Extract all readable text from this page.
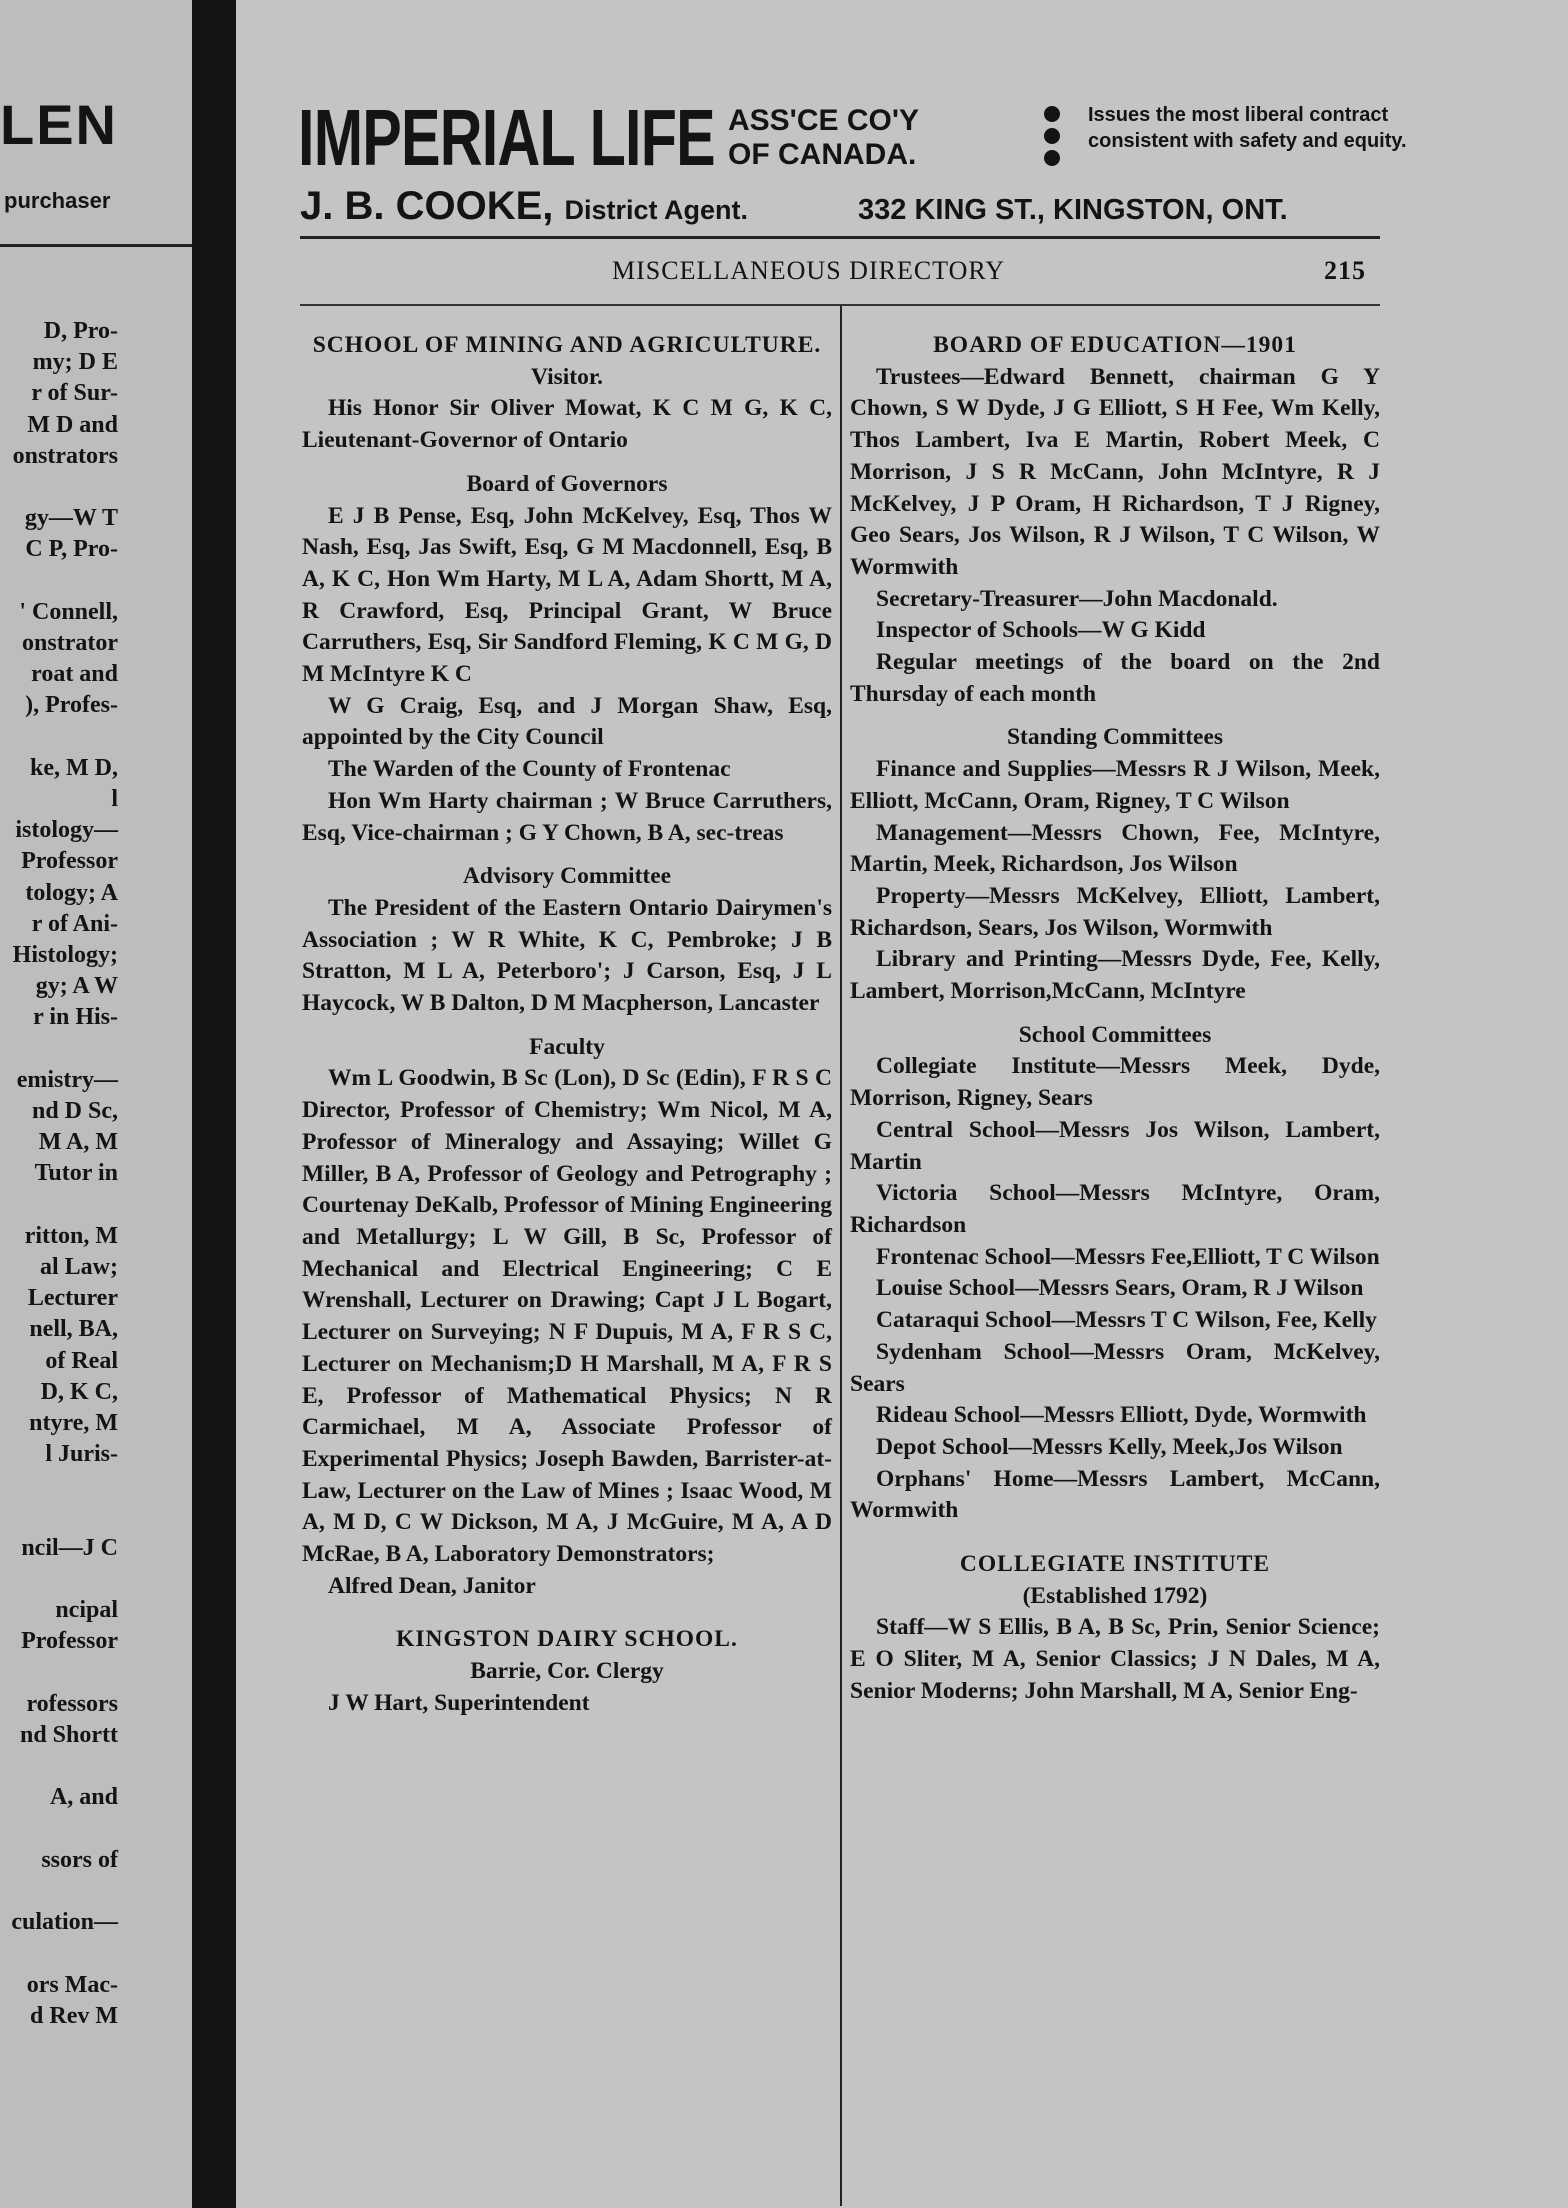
LEN
purchaser
D, Pro-
my; D E
r of Sur-
M D and
onstrators
gy—W T
C P, Pro-
' Connell,
onstrator
roat and
), Profes-
ke, M D,
l
istology—
Professor
tology; A
r of Ani-
Histology;
gy; A W
r in His-
emistry—
nd D Sc,
M A, M
Tutor in
ritton, M
al Law;
Lecturer
nell, BA,
of Real
D, K C,
ntyre, M
l Juris-
ncil—J C
ncipal
Professor
rofessors
nd Shortt
A, and
ssors of
culation—
ors Mac-
d Rev M
IMPERIAL LIFE ASS'CE CO'Y
OF CANADA.
Issues the most liberal contract consistent with safety and equity.
J. B. COOKE, District Agent.	332 KING ST., KINGSTON, ONT.
MISCELLANEOUS DIRECTORY	215

SCHOOL OF MINING AND AGRICULTURE.

Visitor.

His Honor Sir Oliver Mowat, K C M G, K C, Lieutenant-Governor of Ontario

Board of Governors

E J B Pense, Esq, John McKelvey, Esq, Thos W Nash, Esq, Jas Swift, Esq, G M Macdonnell, Esq, B A, K C, Hon Wm Harty, M L A, Adam Shortt, M A, R Crawford, Esq, Principal Grant, W Bruce Carruthers, Esq, Sir Sandford Fleming, K C M G, D M McIntyre K C

W G Craig, Esq, and J Morgan Shaw, Esq, appointed by the City Council

The Warden of the County of Frontenac

Hon Wm Harty chairman ; W Bruce Carruthers, Esq, Vice-chairman ; G Y Chown, B A, sec-treas

Advisory Committee

The President of the Eastern Ontario Dairymen's Association ; W R White, K C, Pembroke; J B Stratton, M L A, Peterboro'; J Carson, Esq, J L Haycock, W B Dalton, D M Macpherson, Lancaster

Faculty

Wm L Goodwin, B Sc (Lon), D Sc (Edin), F R S C Director, Professor of Chemistry; Wm Nicol, M A, Professor of Mineralogy and Assaying; Willet G Miller, B A, Professor of Geology and Petrography ; Courtenay DeKalb, Professor of Mining Engineering and Metallurgy; L W Gill, B Sc, Professor of Mechanical and Electrical Engineering; C E Wrenshall, Lecturer on Drawing; Capt J L Bogart, Lecturer on Surveying; N F Dupuis, M A, F R S C, Lecturer on Mechanism;D H Marshall, M A, F R S E, Professor of Mathematical Physics; N R Carmichael, M A, Associate Professor of Experimental Physics; Joseph Bawden, Barrister-at-Law, Lecturer on the Law of Mines ; Isaac Wood, M A, M D, C W Dickson, M A, J McGuire, M A, A D McRae, B A, Laboratory Demonstrators;

Alfred Dean, Janitor

KINGSTON DAIRY SCHOOL.

Barrie, Cor. Clergy

J W Hart, Superintendent

BOARD OF EDUCATION—1901

Trustees—Edward Bennett, chairman G Y Chown, S W Dyde, J G Elliott, S H Fee, Wm Kelly, Thos Lambert, Iva E Martin, Robert Meek, C Morrison, J S R McCann, John McIntyre, R J McKelvey, J P Oram, H Richardson, T J Rigney, Geo Sears, Jos Wilson, R J Wilson, T C Wilson, W Wormwith

Secretary-Treasurer—John Macdonald.

Inspector of Schools—W G Kidd

Regular meetings of the board on the 2nd Thursday of each month

Standing Committees

Finance and Supplies—Messrs R J Wilson, Meek, Elliott, McCann, Oram, Rigney, T C Wilson

Management—Messrs Chown, Fee, McIntyre, Martin, Meek, Richardson, Jos Wilson

Property—Messrs McKelvey, Elliott, Lambert, Richardson, Sears, Jos Wilson, Wormwith

Library and Printing—Messrs Dyde, Fee, Kelly, Lambert, Morrison,McCann, McIntyre

School Committees

Collegiate Institute—Messrs Meek, Dyde, Morrison, Rigney, Sears

Central School—Messrs Jos Wilson, Lambert, Martin

Victoria School—Messrs McIntyre, Oram, Richardson

Frontenac School—Messrs Fee,Elliott, T C Wilson

Louise School—Messrs Sears, Oram, R J Wilson

Cataraqui School—Messrs T C Wilson, Fee, Kelly

Sydenham School—Messrs Oram, McKelvey, Sears

Rideau School—Messrs Elliott, Dyde, Wormwith

Depot School—Messrs Kelly, Meek,Jos Wilson

Orphans' Home—Messrs Lambert, McCann, Wormwith

COLLEGIATE INSTITUTE

(Established 1792)

Staff—W S Ellis, B A, B Sc, Prin, Senior Science; E O Sliter, M A, Senior Classics; J N Dales, M A, Senior Moderns; John Marshall, M A, Senior Eng-
